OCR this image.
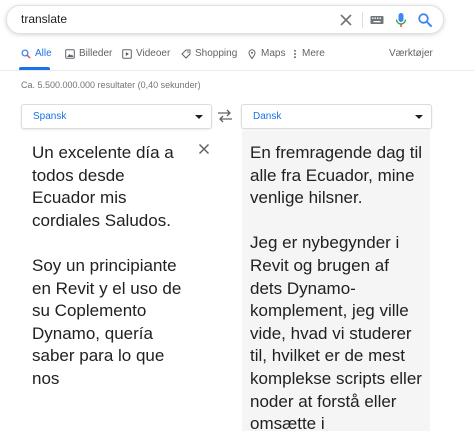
translate
Alle	Billeder Videoer Shopping Maps Mere	Værktøjer
Ca. 5.500.000.000 resultater (0,40 sekunder)
Spansk	Dansk

Un excelente día a todos desde Ecuador mis cordiales Saludos.
Soy un principiante en Revit y el uso de su Coplemento Dynamo, quería saber para lo que nos

En fremragende dag til alle fra Ecuador, mine venlige hilsner.
Jeg er nybegynder i Revit og brugen af dets Dynamo-komplement, jeg ville vide, hvad vi studerer til, hvilket er de mest komplekse scripts eller noder at forstå eller omsætte i
